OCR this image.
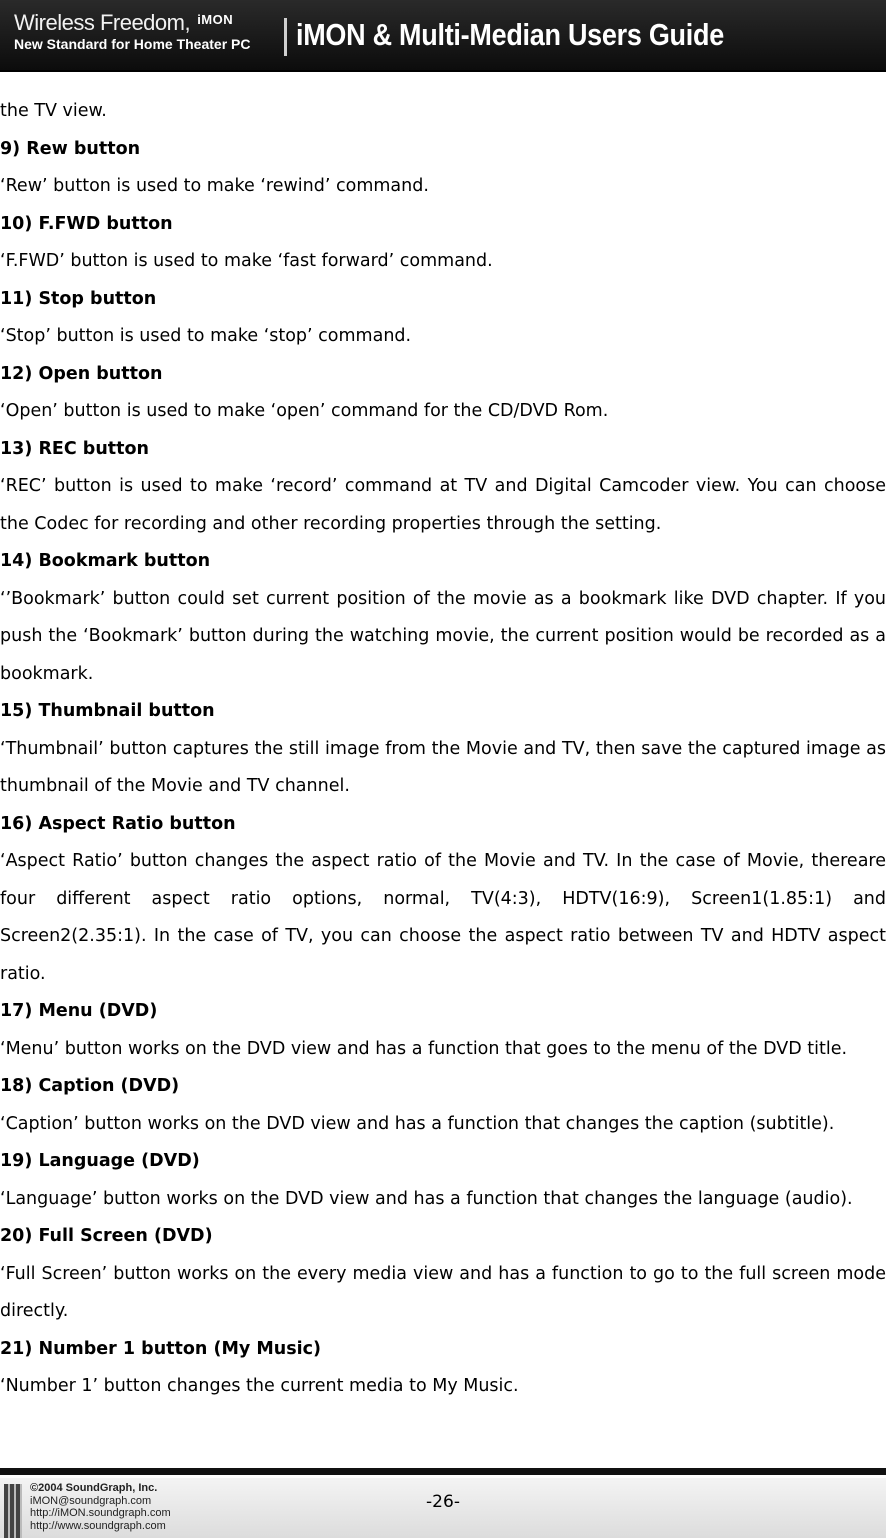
Wireless Freedom, iMON
New Standard for Home Theater PC iMON & Multi-Median Users Guide

the TV view.

9) Rew button

‘Rew’ button is used to make ‘rewind’ command.

10) F.FWD button

‘F.FWD’ button is used to make ‘fast forward’ command.

11) Stop button

‘Stop’ button is used to make ‘stop’ command.

12) Open button

‘Open’ button is used to make ‘open’ command for the CD/DVD Rom.

13) REC button

‘REC’ button is used to make ‘record’ command at TV and Digital Camcoder view. You can choose the Codec for recording and other recording properties through the setting.

14) Bookmark button

‘’Bookmark’ button could set current position of the movie as a bookmark like DVD chapter. If you push the ‘Bookmark’ button during the watching movie, the current position would be recorded as a bookmark.

15) Thumbnail button

‘Thumbnail’ button captures the still image from the Movie and TV, then save the captured image as thumbnail of the Movie and TV channel.

16) Aspect Ratio button

‘Aspect Ratio’ button changes the aspect ratio of the Movie and TV. In the case of Movie, thereare four different aspect ratio options, normal, TV(4:3), HDTV(16:9), Screen1(1.85:1) and Screen2(2.35:1). In the case of TV, you can choose the aspect ratio between TV and HDTV aspect ratio.

17) Menu (DVD)

‘Menu’ button works on the DVD view and has a function that goes to the menu of the DVD title.

18) Caption (DVD)

‘Caption’ button works on the DVD view and has a function that changes the caption (subtitle).

19) Language (DVD)

‘Language’ button works on the DVD view and has a function that changes the language (audio).

20) Full Screen (DVD)

‘Full Screen’ button works on the every media view and has a function to go to the full screen mode directly.

21) Number 1 button (My Music)

‘Number 1’ button changes the current media to My Music.

©2004 SoundGraph, Inc.
iMON@soundgraph.com
http://iMON.soundgraph.com
http://www.soundgraph.com
-26-
